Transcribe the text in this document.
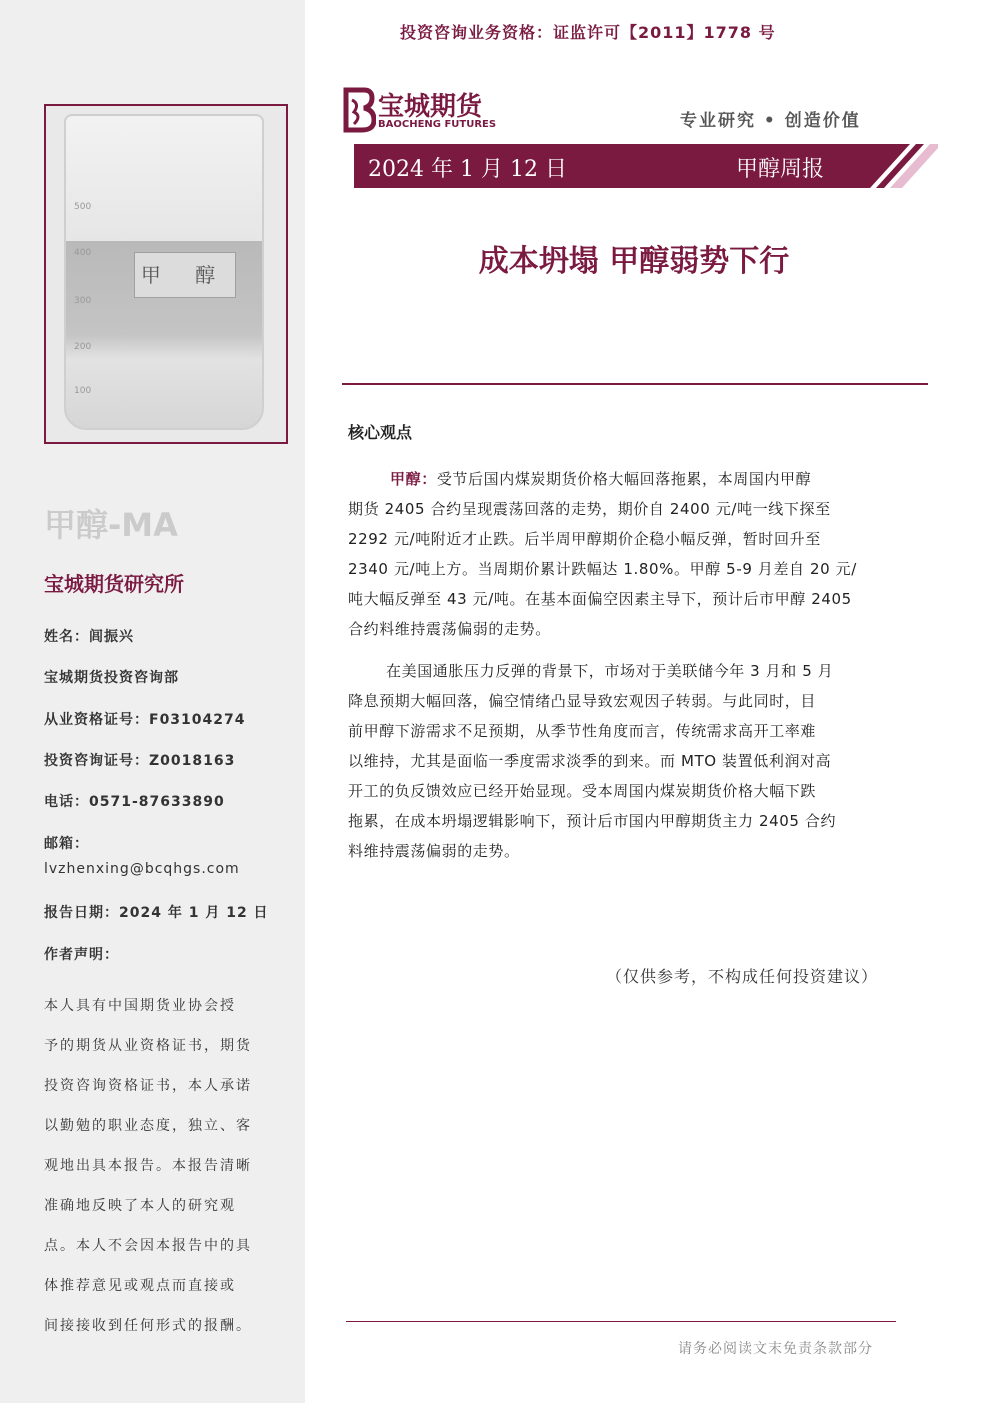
投资咨询业务资格：证监许可【2011】1778 号
500
400
300
200
100
甲 醇
甲醇-MA
宝城期货研究所
姓名：闾振兴
宝城期货投资咨询部
从业资格证号：F03104274
投资咨询证号：Z0018163
电话：0571-87633890
邮箱：
lvzhenxing@bcqhgs.com
报告日期：2024 年 1 月 12 日
作者声明：
本人具有中国期货业协会授
予的期货从业资格证书，期货
投资咨询资格证书，本人承诺
以勤勉的职业态度，独立、客
观地出具本报告。本报告清晰
准确地反映了本人的研究观
点。本人不会因本报告中的具
体推荐意见或观点而直接或
间接接收到任何形式的报酬。
宝城期货
BAOCHENG FUTURES	专业研究 • 创造价值
2024 年 1 月 12 日	甲醇周报
成本坍塌 甲醇弱势下行
核心观点
甲醇：受节后国内煤炭期货价格大幅回落拖累，本周国内甲醇
期货 2405 合约呈现震荡回落的走势，期价自 2400 元/吨一线下探至
2292 元/吨附近才止跌。后半周甲醇期价企稳小幅反弹，暂时回升至
2340 元/吨上方。当周期价累计跌幅达 1.80%。甲醇 5-9 月差自 20 元/
吨大幅反弹至 43 元/吨。在基本面偏空因素主导下，预计后市甲醇 2405
合约料维持震荡偏弱的走势。
在美国通胀压力反弹的背景下，市场对于美联储今年 3 月和 5 月
降息预期大幅回落，偏空情绪凸显导致宏观因子转弱。与此同时，目
前甲醇下游需求不足预期，从季节性角度而言，传统需求高开工率难
以维持，尤其是面临一季度需求淡季的到来。而 MTO 装置低利润对高
开工的负反馈效应已经开始显现。受本周国内煤炭期货价格大幅下跌
拖累，在成本坍塌逻辑影响下，预计后市国内甲醇期货主力 2405 合约
料维持震荡偏弱的走势。
（仅供参考，不构成任何投资建议）
请务必阅读文末免责条款部分
